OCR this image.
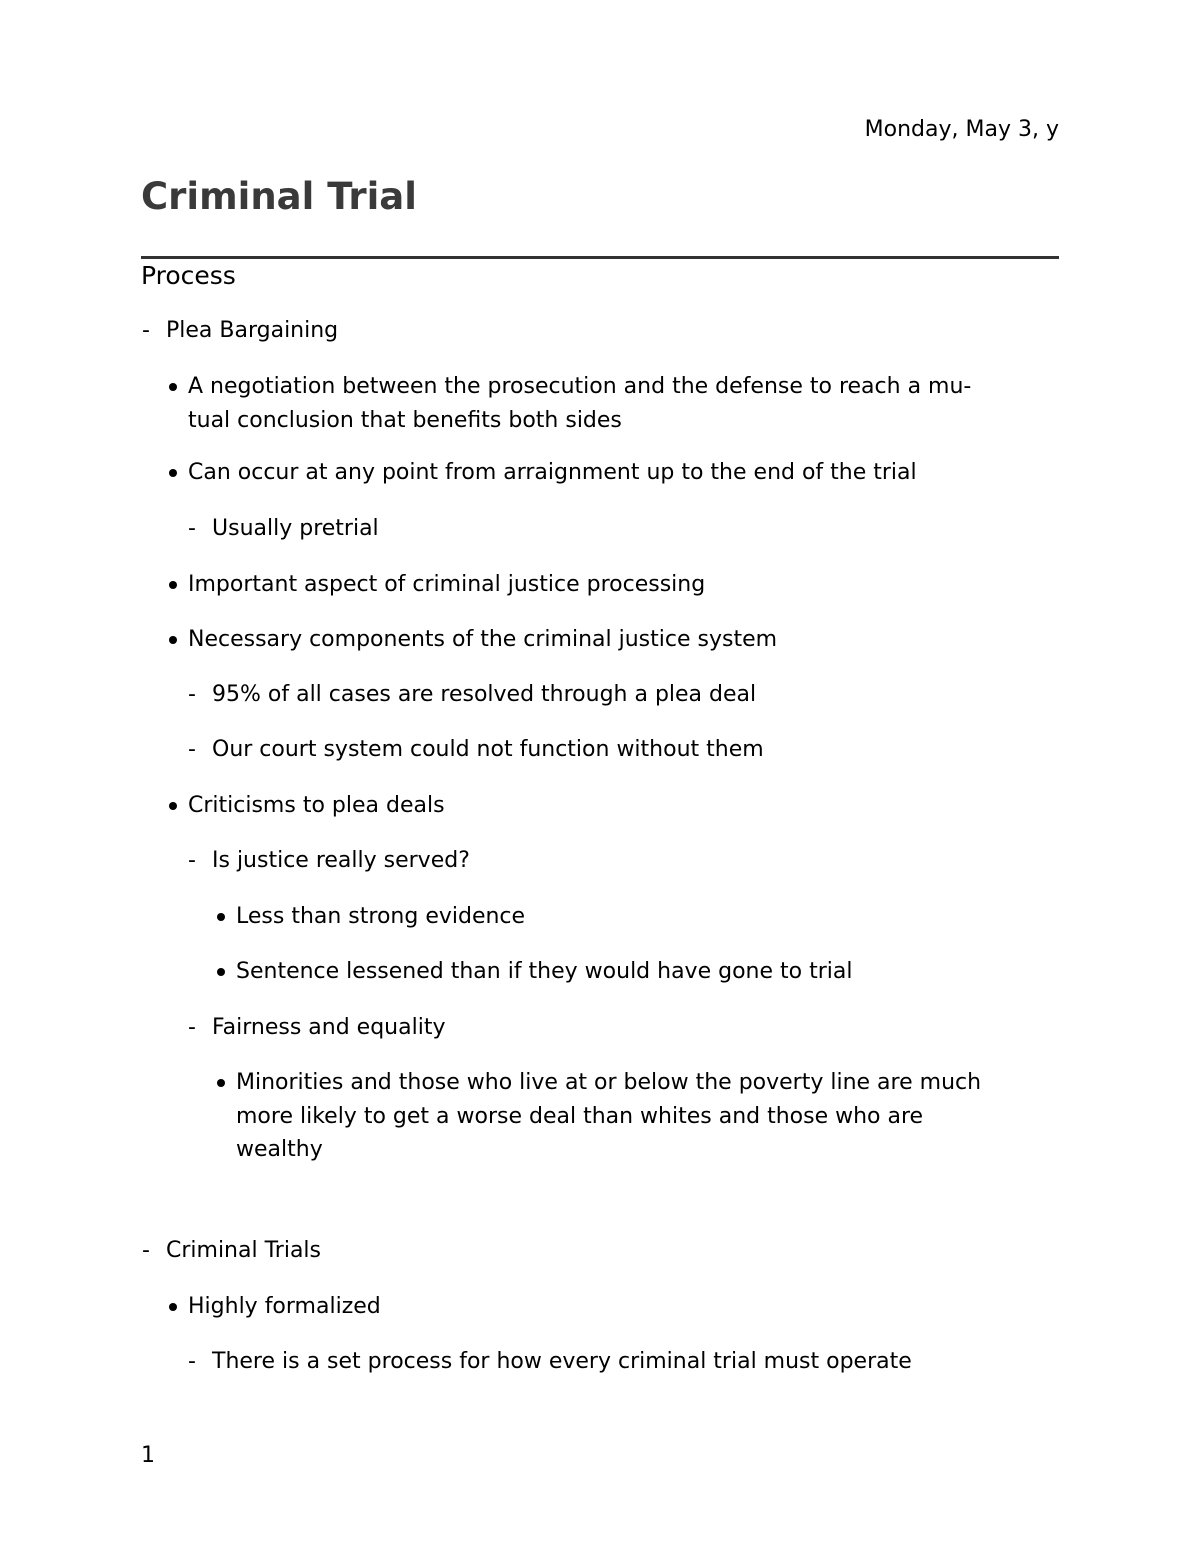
Monday, May 3, y
Criminal Trial
Process
- Plea Bargaining
A negotiation between the prosecution and the defense to reach a mu-
tual conclusion that benefits both sides
Can occur at any point from arraignment up to the end of the trial
- Usually pretrial
Important aspect of criminal justice processing
Necessary components of the criminal justice system
- 95% of all cases are resolved through a plea deal
- Our court system could not function without them
Criticisms to plea deals
- Is justice really served?
Less than strong evidence
Sentence lessened than if they would have gone to trial
- Fairness and equality
Minorities and those who live at or below the poverty line are much
more likely to get a worse deal than whites and those who are
wealthy
- Criminal Trials
Highly formalized
- There is a set process for how every criminal trial must operate
1
